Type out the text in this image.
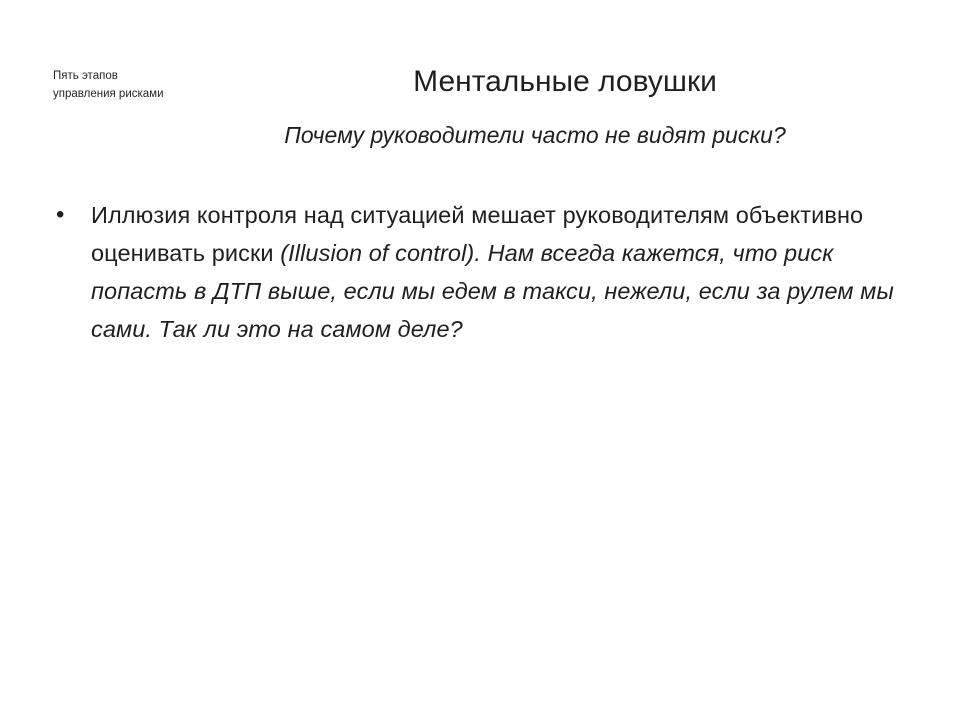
Пять этапов
управления рисками	Ментальные ловушки
Почему руководители часто не видят риски?
• Иллюзия контроля над ситуацией мешает руководителям объективно оценивать риски (Illusion of control). Нам всегда кажется, что риск попасть в ДТП выше, если мы едем в такси, нежели, если за рулем мы сами. Так ли это на самом деле?
